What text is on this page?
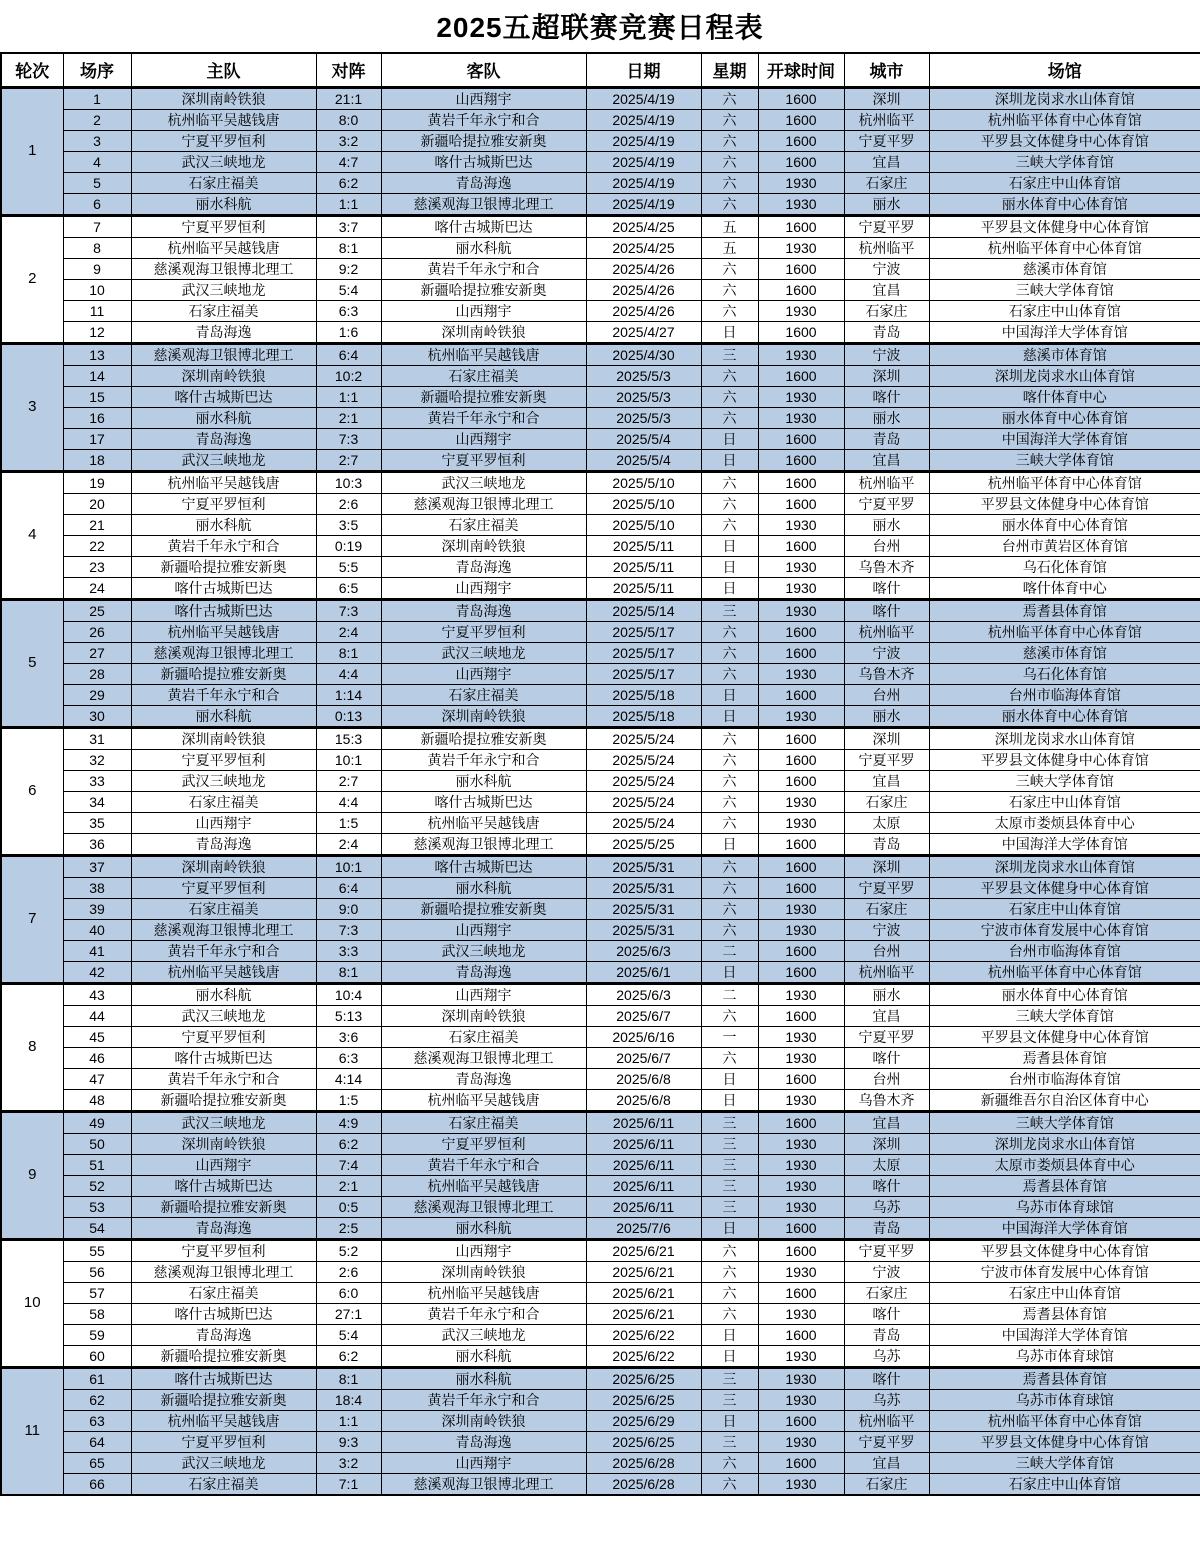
2025五超联赛竞赛日程表
轮次	场序	主队	对阵	客队	日期	星期	开球时间	城市	场馆
1	1	深圳南岭铁狼	21:1	山西翔宇	2025/4/19	六	1600	深圳	深圳龙岗求水山体育馆
	2	杭州临平吴越钱唐	8:0	黄岩千年永宁和合	2025/4/19	六	1600	杭州临平	杭州临平体育中心体育馆
	3	宁夏平罗恒利	3:2	新疆哈提拉雅安新奥	2025/4/19	六	1600	宁夏平罗	平罗县文体健身中心体育馆
	4	武汉三峡地龙	4:7	喀什古城斯巴达	2025/4/19	六	1600	宜昌	三峡大学体育馆
	5	石家庄福美	6:2	青岛海逸	2025/4/19	六	1930	石家庄	石家庄中山体育馆
	6	丽水科航	1:1	慈溪观海卫银博北理工	2025/4/19	六	1930	丽水	丽水体育中心体育馆
2	7	宁夏平罗恒利	3:7	喀什古城斯巴达	2025/4/25	五	1600	宁夏平罗	平罗县文体健身中心体育馆
	8	杭州临平吴越钱唐	8:1	丽水科航	2025/4/25	五	1930	杭州临平	杭州临平体育中心体育馆
	9	慈溪观海卫银博北理工	9:2	黄岩千年永宁和合	2025/4/26	六	1600	宁波	慈溪市体育馆
	10	武汉三峡地龙	5:4	新疆哈提拉雅安新奥	2025/4/26	六	1600	宜昌	三峡大学体育馆
	11	石家庄福美	6:3	山西翔宇	2025/4/26	六	1930	石家庄	石家庄中山体育馆
	12	青岛海逸	1:6	深圳南岭铁狼	2025/4/27	日	1600	青岛	中国海洋大学体育馆
3	13	慈溪观海卫银博北理工	6:4	杭州临平吴越钱唐	2025/4/30	三	1930	宁波	慈溪市体育馆
	14	深圳南岭铁狼	10:2	石家庄福美	2025/5/3	六	1600	深圳	深圳龙岗求水山体育馆
	15	喀什古城斯巴达	1:1	新疆哈提拉雅安新奥	2025/5/3	六	1930	喀什	喀什体育中心
	16	丽水科航	2:1	黄岩千年永宁和合	2025/5/3	六	1930	丽水	丽水体育中心体育馆
	17	青岛海逸	7:3	山西翔宇	2025/5/4	日	1600	青岛	中国海洋大学体育馆
	18	武汉三峡地龙	2:7	宁夏平罗恒利	2025/5/4	日	1600	宜昌	三峡大学体育馆
4	19	杭州临平吴越钱唐	10:3	武汉三峡地龙	2025/5/10	六	1600	杭州临平	杭州临平体育中心体育馆
	20	宁夏平罗恒利	2:6	慈溪观海卫银博北理工	2025/5/10	六	1600	宁夏平罗	平罗县文体健身中心体育馆
	21	丽水科航	3:5	石家庄福美	2025/5/10	六	1930	丽水	丽水体育中心体育馆
	22	黄岩千年永宁和合	0:19	深圳南岭铁狼	2025/5/11	日	1600	台州	台州市黄岩区体育馆
	23	新疆哈提拉雅安新奥	5:5	青岛海逸	2025/5/11	日	1930	乌鲁木齐	乌石化体育馆
	24	喀什古城斯巴达	6:5	山西翔宇	2025/5/11	日	1930	喀什	喀什体育中心
5	25	喀什古城斯巴达	7:3	青岛海逸	2025/5/14	三	1930	喀什	焉耆县体育馆
	26	杭州临平吴越钱唐	2:4	宁夏平罗恒利	2025/5/17	六	1600	杭州临平	杭州临平体育中心体育馆
	27	慈溪观海卫银博北理工	8:1	武汉三峡地龙	2025/5/17	六	1600	宁波	慈溪市体育馆
	28	新疆哈提拉雅安新奥	4:4	山西翔宇	2025/5/17	六	1930	乌鲁木齐	乌石化体育馆
	29	黄岩千年永宁和合	1:14	石家庄福美	2025/5/18	日	1600	台州	台州市临海体育馆
	30	丽水科航	0:13	深圳南岭铁狼	2025/5/18	日	1930	丽水	丽水体育中心体育馆
6	31	深圳南岭铁狼	15:3	新疆哈提拉雅安新奥	2025/5/24	六	1600	深圳	深圳龙岗求水山体育馆
	32	宁夏平罗恒利	10:1	黄岩千年永宁和合	2025/5/24	六	1600	宁夏平罗	平罗县文体健身中心体育馆
	33	武汉三峡地龙	2:7	丽水科航	2025/5/24	六	1600	宜昌	三峡大学体育馆
	34	石家庄福美	4:4	喀什古城斯巴达	2025/5/24	六	1930	石家庄	石家庄中山体育馆
	35	山西翔宇	1:5	杭州临平吴越钱唐	2025/5/24	六	1930	太原	太原市娄烦县体育中心
	36	青岛海逸	2:4	慈溪观海卫银博北理工	2025/5/25	日	1600	青岛	中国海洋大学体育馆
7	37	深圳南岭铁狼	10:1	喀什古城斯巴达	2025/5/31	六	1600	深圳	深圳龙岗求水山体育馆
	38	宁夏平罗恒利	6:4	丽水科航	2025/5/31	六	1600	宁夏平罗	平罗县文体健身中心体育馆
	39	石家庄福美	9:0	新疆哈提拉雅安新奥	2025/5/31	六	1930	石家庄	石家庄中山体育馆
	40	慈溪观海卫银博北理工	7:3	山西翔宇	2025/5/31	六	1930	宁波	宁波市体育发展中心体育馆
	41	黄岩千年永宁和合	3:3	武汉三峡地龙	2025/6/3	二	1600	台州	台州市临海体育馆
	42	杭州临平吴越钱唐	8:1	青岛海逸	2025/6/1	日	1600	杭州临平	杭州临平体育中心体育馆
8	43	丽水科航	10:4	山西翔宇	2025/6/3	二	1930	丽水	丽水体育中心体育馆
	44	武汉三峡地龙	5:13	深圳南岭铁狼	2025/6/7	六	1600	宜昌	三峡大学体育馆
	45	宁夏平罗恒利	3:6	石家庄福美	2025/6/16	一	1930	宁夏平罗	平罗县文体健身中心体育馆
	46	喀什古城斯巴达	6:3	慈溪观海卫银博北理工	2025/6/7	六	1930	喀什	焉耆县体育馆
	47	黄岩千年永宁和合	4:14	青岛海逸	2025/6/8	日	1600	台州	台州市临海体育馆
	48	新疆哈提拉雅安新奥	1:5	杭州临平吴越钱唐	2025/6/8	日	1930	乌鲁木齐	新疆维吾尔自治区体育中心
9	49	武汉三峡地龙	4:9	石家庄福美	2025/6/11	三	1600	宜昌	三峡大学体育馆
	50	深圳南岭铁狼	6:2	宁夏平罗恒利	2025/6/11	三	1930	深圳	深圳龙岗求水山体育馆
	51	山西翔宇	7:4	黄岩千年永宁和合	2025/6/11	三	1930	太原	太原市娄烦县体育中心
	52	喀什古城斯巴达	2:1	杭州临平吴越钱唐	2025/6/11	三	1930	喀什	焉耆县体育馆
	53	新疆哈提拉雅安新奥	0:5	慈溪观海卫银博北理工	2025/6/11	三	1930	乌苏	乌苏市体育球馆
	54	青岛海逸	2:5	丽水科航	2025/7/6	日	1600	青岛	中国海洋大学体育馆
10	55	宁夏平罗恒利	5:2	山西翔宇	2025/6/21	六	1600	宁夏平罗	平罗县文体健身中心体育馆
	56	慈溪观海卫银博北理工	2:6	深圳南岭铁狼	2025/6/21	六	1930	宁波	宁波市体育发展中心体育馆
	57	石家庄福美	6:0	杭州临平吴越钱唐	2025/6/21	六	1600	石家庄	石家庄中山体育馆
	58	喀什古城斯巴达	27:1	黄岩千年永宁和合	2025/6/21	六	1930	喀什	焉耆县体育馆
	59	青岛海逸	5:4	武汉三峡地龙	2025/6/22	日	1600	青岛	中国海洋大学体育馆
	60	新疆哈提拉雅安新奥	6:2	丽水科航	2025/6/22	日	1930	乌苏	乌苏市体育球馆
11	61	喀什古城斯巴达	8:1	丽水科航	2025/6/25	三	1930	喀什	焉耆县体育馆
	62	新疆哈提拉雅安新奥	18:4	黄岩千年永宁和合	2025/6/25	三	1930	乌苏	乌苏市体育球馆
	63	杭州临平吴越钱唐	1:1	深圳南岭铁狼	2025/6/29	日	1600	杭州临平	杭州临平体育中心体育馆
	64	宁夏平罗恒利	9:3	青岛海逸	2025/6/25	三	1930	宁夏平罗	平罗县文体健身中心体育馆
	65	武汉三峡地龙	3:2	山西翔宇	2025/6/28	六	1600	宜昌	三峡大学体育馆
	66	石家庄福美	7:1	慈溪观海卫银博北理工	2025/6/28	六	1930	石家庄	石家庄中山体育馆
